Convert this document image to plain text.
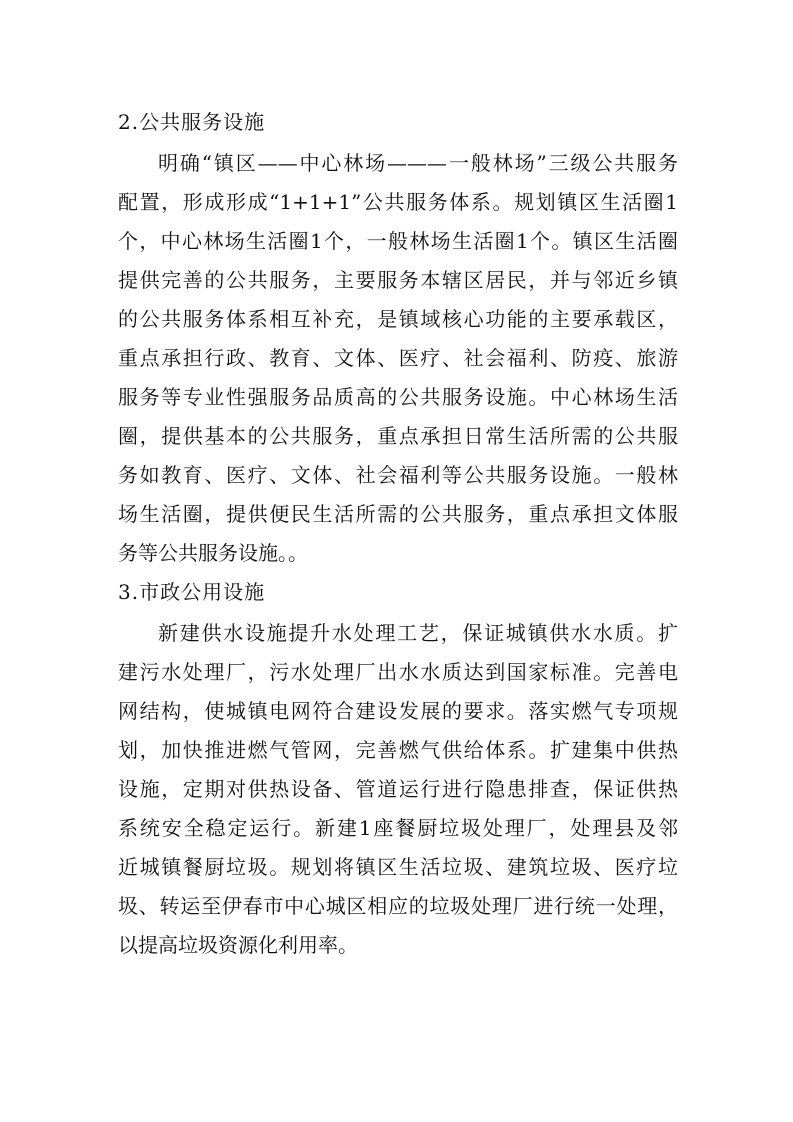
2.公共服务设施
明确“镇区——中心林场———一般林场”三级公共服务
配置，形成形成“1+1+1”公共服务体系。规划镇区生活圈1
个，中心林场生活圈1个，一般林场生活圈1个。镇区生活圈
提供完善的公共服务，主要服务本辖区居民，并与邻近乡镇
的公共服务体系相互补充，是镇域核心功能的主要承载区，
重点承担行政、教育、文体、医疗、社会福利、防疫、旅游
服务等专业性强服务品质高的公共服务设施。中心林场生活
圈，提供基本的公共服务，重点承担日常生活所需的公共服
务如教育、医疗、文体、社会福利等公共服务设施。一般林
场生活圈，提供便民生活所需的公共服务，重点承担文体服
务等公共服务设施。。
3.市政公用设施
新建供水设施提升水处理工艺，保证城镇供水水质。扩
建污水处理厂，污水处理厂出水水质达到国家标准。完善电
网结构，使城镇电网符合建设发展的要求。落实燃气专项规
划，加快推进燃气管网，完善燃气供给体系。扩建集中供热
设施，定期对供热设备、管道运行进行隐患排查，保证供热
系统安全稳定运行。新建1座餐厨垃圾处理厂，处理县及邻
近城镇餐厨垃圾。规划将镇区生活垃圾、建筑垃圾、医疗垃
圾、转运至伊春市中心城区相应的垃圾处理厂进行统一处理，
以提高垃圾资源化利用率。
